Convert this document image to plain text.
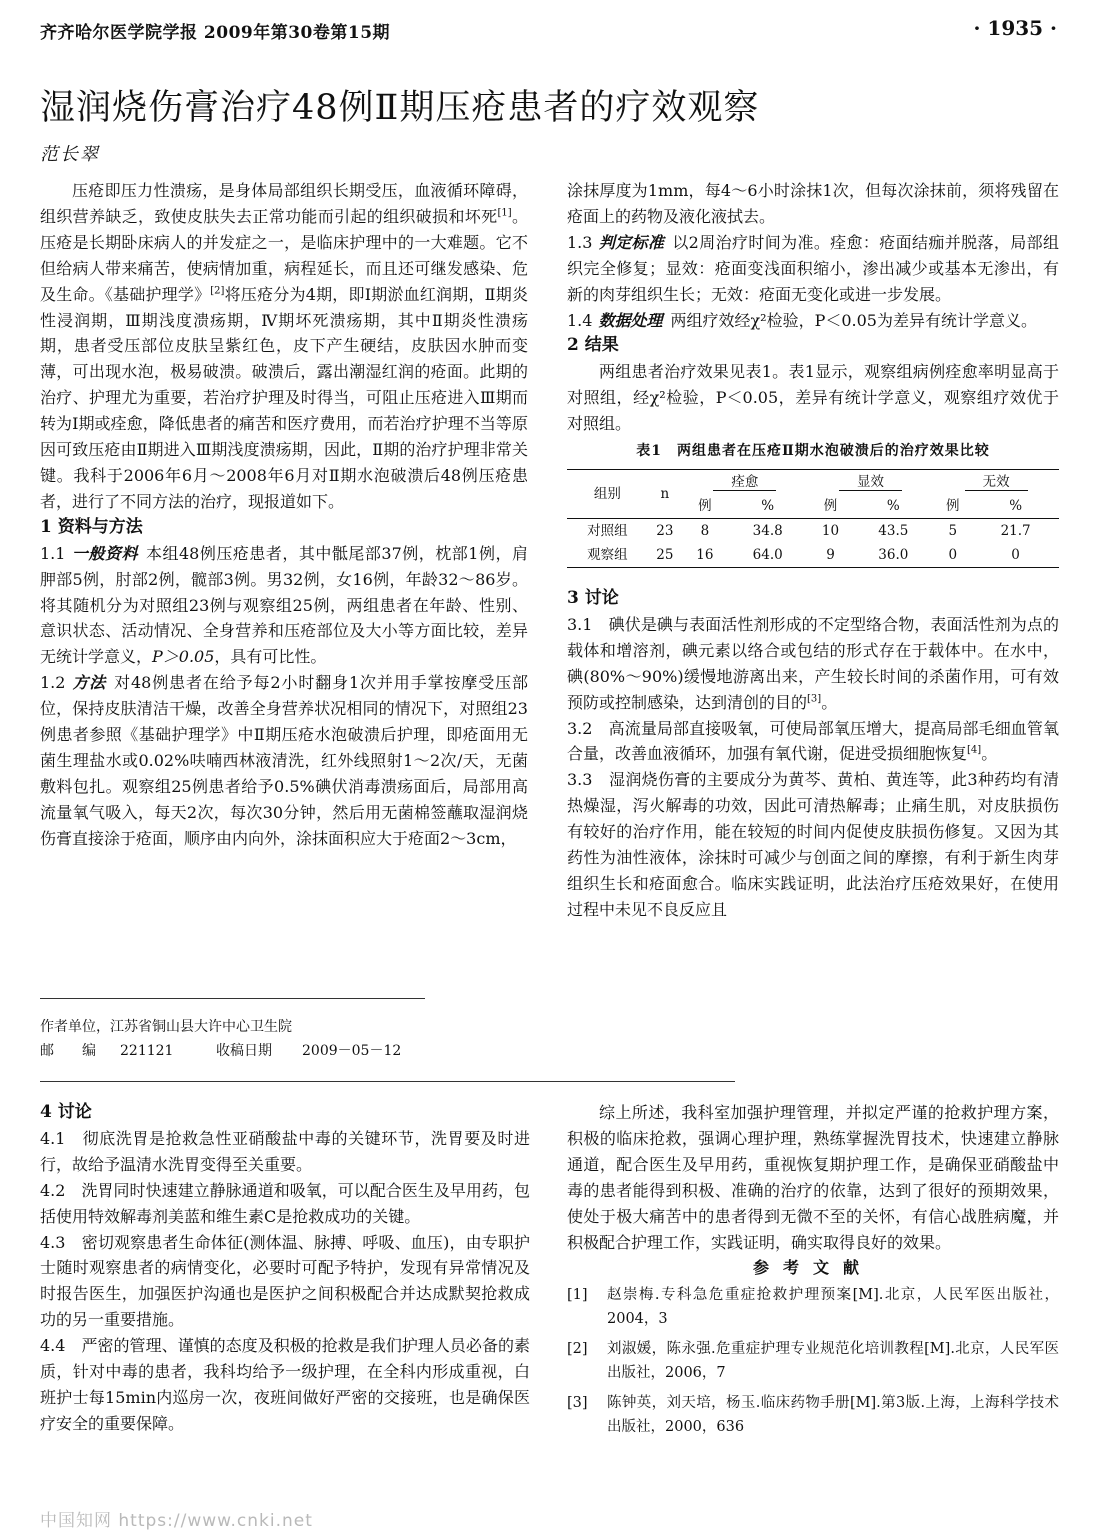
齐齐哈尔医学院学报 2009年第30卷第15期	· 1935 ·
湿润烧伤膏治疗48例Ⅱ期压疮患者的疗效观察
范长翠

压疮即压力性溃疡，是身体局部组织长期受压，血液循环障碍，组织营养缺乏，致使皮肤失去正常功能而引起的组织破损和坏死[1]。压疮是长期卧床病人的并发症之一，是临床护理中的一大难题。它不但给病人带来痛苦，使病情加重，病程延长，而且还可继发感染、危及生命。《基础护理学》[2]将压疮分为4期，即Ⅰ期淤血红润期，Ⅱ期炎性浸润期，Ⅲ期浅度溃疡期，Ⅳ期坏死溃疡期，其中Ⅱ期炎性溃疡期，患者受压部位皮肤呈紫红色，皮下产生硬结，皮肤因水肿而变薄，可出现水泡，极易破溃。破溃后，露出潮湿红润的疮面。此期的治疗、护理尤为重要，若治疗护理及时得当，可阻止压疮进入Ⅲ期而转为Ⅰ期或痊愈，降低患者的痛苦和医疗费用，而若治疗护理不当等原因可致压疮由Ⅱ期进入Ⅲ期浅度溃疡期，因此，Ⅱ期的治疗护理非常关键。我科于2006年6月～2008年6月对Ⅱ期水泡破溃后48例压疮患者，进行了不同方法的治疗，现报道如下。

1 资料与方法

1.1 一般资料 本组48例压疮患者，其中骶尾部37例，枕部1例，肩胛部5例，肘部2例，髋部3例。男32例，女16例，年龄32～86岁。将其随机分为对照组23例与观察组25例，两组患者在年龄、性别、意识状态、活动情况、全身营养和压疮部位及大小等方面比较，差异无统计学意义，P＞0.05，具有可比性。

1.2 方法 对48例患者在给予每2小时翻身1次并用手掌按摩受压部位，保持皮肤清洁干燥，改善全身营养状况相同的情况下，对照组23例患者参照《基础护理学》中Ⅱ期压疮水泡破溃后护理，即疮面用无菌生理盐水或0.02%呋喃西林液清洗，红外线照射1～2次/天，无菌敷料包扎。观察组25例患者给予0.5%碘伏消毒溃疡面后，局部用高流量氧气吸入，每天2次，每次30分钟，然后用无菌棉签蘸取湿润烧伤膏直接涂于疮面，顺序由内向外，涂抹面积应大于疮面2～3cm，

作者单位，江苏省铜山县大许中心卫生院
邮　　编 221121	收稿日期 2009－05－12

涂抹厚度为1mm，每4～6小时涂抹1次，但每次涂抹前，须将残留在疮面上的药物及液化液拭去。

1.3 判定标准 以2周治疗时间为准。痊愈：疮面结痂并脱落，局部组织完全修复；显效：疮面变浅面积缩小，渗出减少或基本无渗出，有新的肉芽组织生长；无效：疮面无变化或进一步发展。

1.4 数据处理 两组疗效经χ²检验，P＜0.05为差异有统计学意义。

2 结果

两组患者治疗效果见表1。表1显示，观察组病例痊愈率明显高于对照组，经χ²检验，P＜0.05，差异有统计学意义，观察组疗效优于对照组。

表1　两组患者在压疮Ⅱ期水泡破溃后的治疗效果比较
组别	n	痊愈		显效		无效	
		例	%	例	%	例	%
对照组	23	8	34.8	10	43.5	5	21.7
观察组	25	16	64.0	9	36.0	0	0

3 讨论

3.1　 碘伏是碘与表面活性剂形成的不定型络合物，表面活性剂为点的载体和增溶剂，碘元素以络合或包结的形式存在于载体中。在水中，碘(80%～90%)缓慢地游离出来，产生较长时间的杀菌作用，可有效预防或控制感染，达到清创的目的[3]。

3.2　 高流量局部直接吸氧，可使局部氧压增大，提高局部毛细血管氧合量，改善血液循环，加强有氧代谢，促进受损细胞恢复[4]。

3.3　 湿润烧伤膏的主要成分为黄芩、黄柏、黄连等，此3种药均有清热燥湿，泻火解毒的功效，因此可清热解毒；止痛生肌，对皮肤损伤有较好的治疗作用，能在较短的时间内促使皮肤损伤修复。又因为其药性为油性液体，涂抹时可减少与创面之间的摩擦，有利于新生肉芽组织生长和疮面愈合。临床实践证明，此法治疗压疮效果好，在使用过程中未见不良反应且

4 讨论

4.1　 彻底洗胃是抢救急性亚硝酸盐中毒的关键环节，洗胃要及时进行，故给予温清水洗胃变得至关重要。

4.2　 洗胃同时快速建立静脉通道和吸氧，可以配合医生及早用药，包括使用特效解毒剂美蓝和维生素C是抢救成功的关键。

4.3　 密切观察患者生命体征(测体温、脉搏、呼吸、血压)，由专职护士随时观察患者的病情变化，必要时可配予特护，发现有异常情况及时报告医生，加强医护沟通也是医护之间积极配合并达成默契抢救成功的另一重要措施。

4.4　 严密的管理、谨慎的态度及积极的抢救是我们护理人员必备的素质，针对中毒的患者，我科均给予一级护理，在全科内形成重视，白班护士每15min内巡房一次，夜班间做好严密的交接班，也是确保医疗安全的重要保障。

综上所述，我科室加强护理管理，并拟定严谨的抢救护理方案，积极的临床抢救，强调心理护理，熟练掌握洗胃技术，快速建立静脉通道，配合医生及早用药，重视恢复期护理工作，是确保亚硝酸盐中毒的患者能得到积极、准确的治疗的依靠，达到了很好的预期效果，使处于极大痛苦中的患者得到无微不至的关怀，有信心战胜病魔，并积极配合护理工作，实践证明，确实取得良好的效果。

参考文献

[1]	赵崇梅.专科急危重症抢救护理预案[M].北京，人民军医出版社，2004，3
[2]	刘淑媛，陈永强.危重症护理专业规范化培训教程[M].北京，人民军医出版社，2006，7
[3]	陈钟英，刘天培，杨玉.临床药物手册[M].第3版.上海，上海科学技术出版社，2000，636
中国知网 https://www.cnki.net
